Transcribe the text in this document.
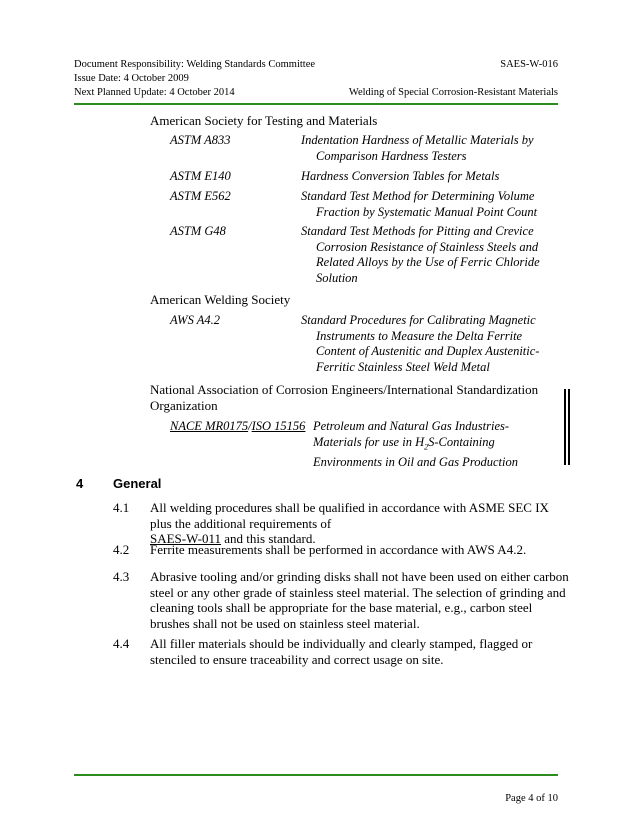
Document Responsibility: Welding Standards Committee	SAES-W-016
Issue Date: 4 October 2009
Next Planned Update: 4 October 2014	Welding of Special Corrosion-Resistant Materials
American Society for Testing and Materials
ASTM A833	Indentation Hardness of Metallic Materials by
Comparison Hardness Testers
ASTM E140	Hardness Conversion Tables for Metals
ASTM E562	Standard Test Method for Determining Volume
Fraction by Systematic Manual Point Count
ASTM G48	Standard Test Methods for Pitting and Crevice
Corrosion Resistance of Stainless Steels and
Related Alloys by the Use of Ferric Chloride
Solution
American Welding Society
AWS A4.2	Standard Procedures for Calibrating Magnetic
Instruments to Measure the Delta Ferrite
Content of Austenitic and Duplex Austenitic-
Ferritic Stainless Steel Weld Metal
National Association of Corrosion Engineers/International Standardization
Organization
NACE MR0175/ISO 15156 Petroleum and Natural Gas Industries-
Materials for use in $H_2S$-Containing
Environments in Oil and Gas Production
4 General
4.1 All welding procedures shall be qualified in accordance with ASME SEC IX
plus the additional requirements of
SAES-W-011 and this standard.
4.2 Ferrite measurements shall be performed in accordance with AWS A4.2.
4.3 Abrasive tooling and/or grinding disks shall not have been used on either carbon
steel or any other grade of stainless steel material. The selection of grinding and
cleaning tools shall be appropriate for the base material, e.g., carbon steel
brushes shall not be used on stainless steel material.
4.4 All filler materials should be individually and clearly stamped, flagged or
stenciled to ensure traceability and correct usage on site.
Page 4 of 10
